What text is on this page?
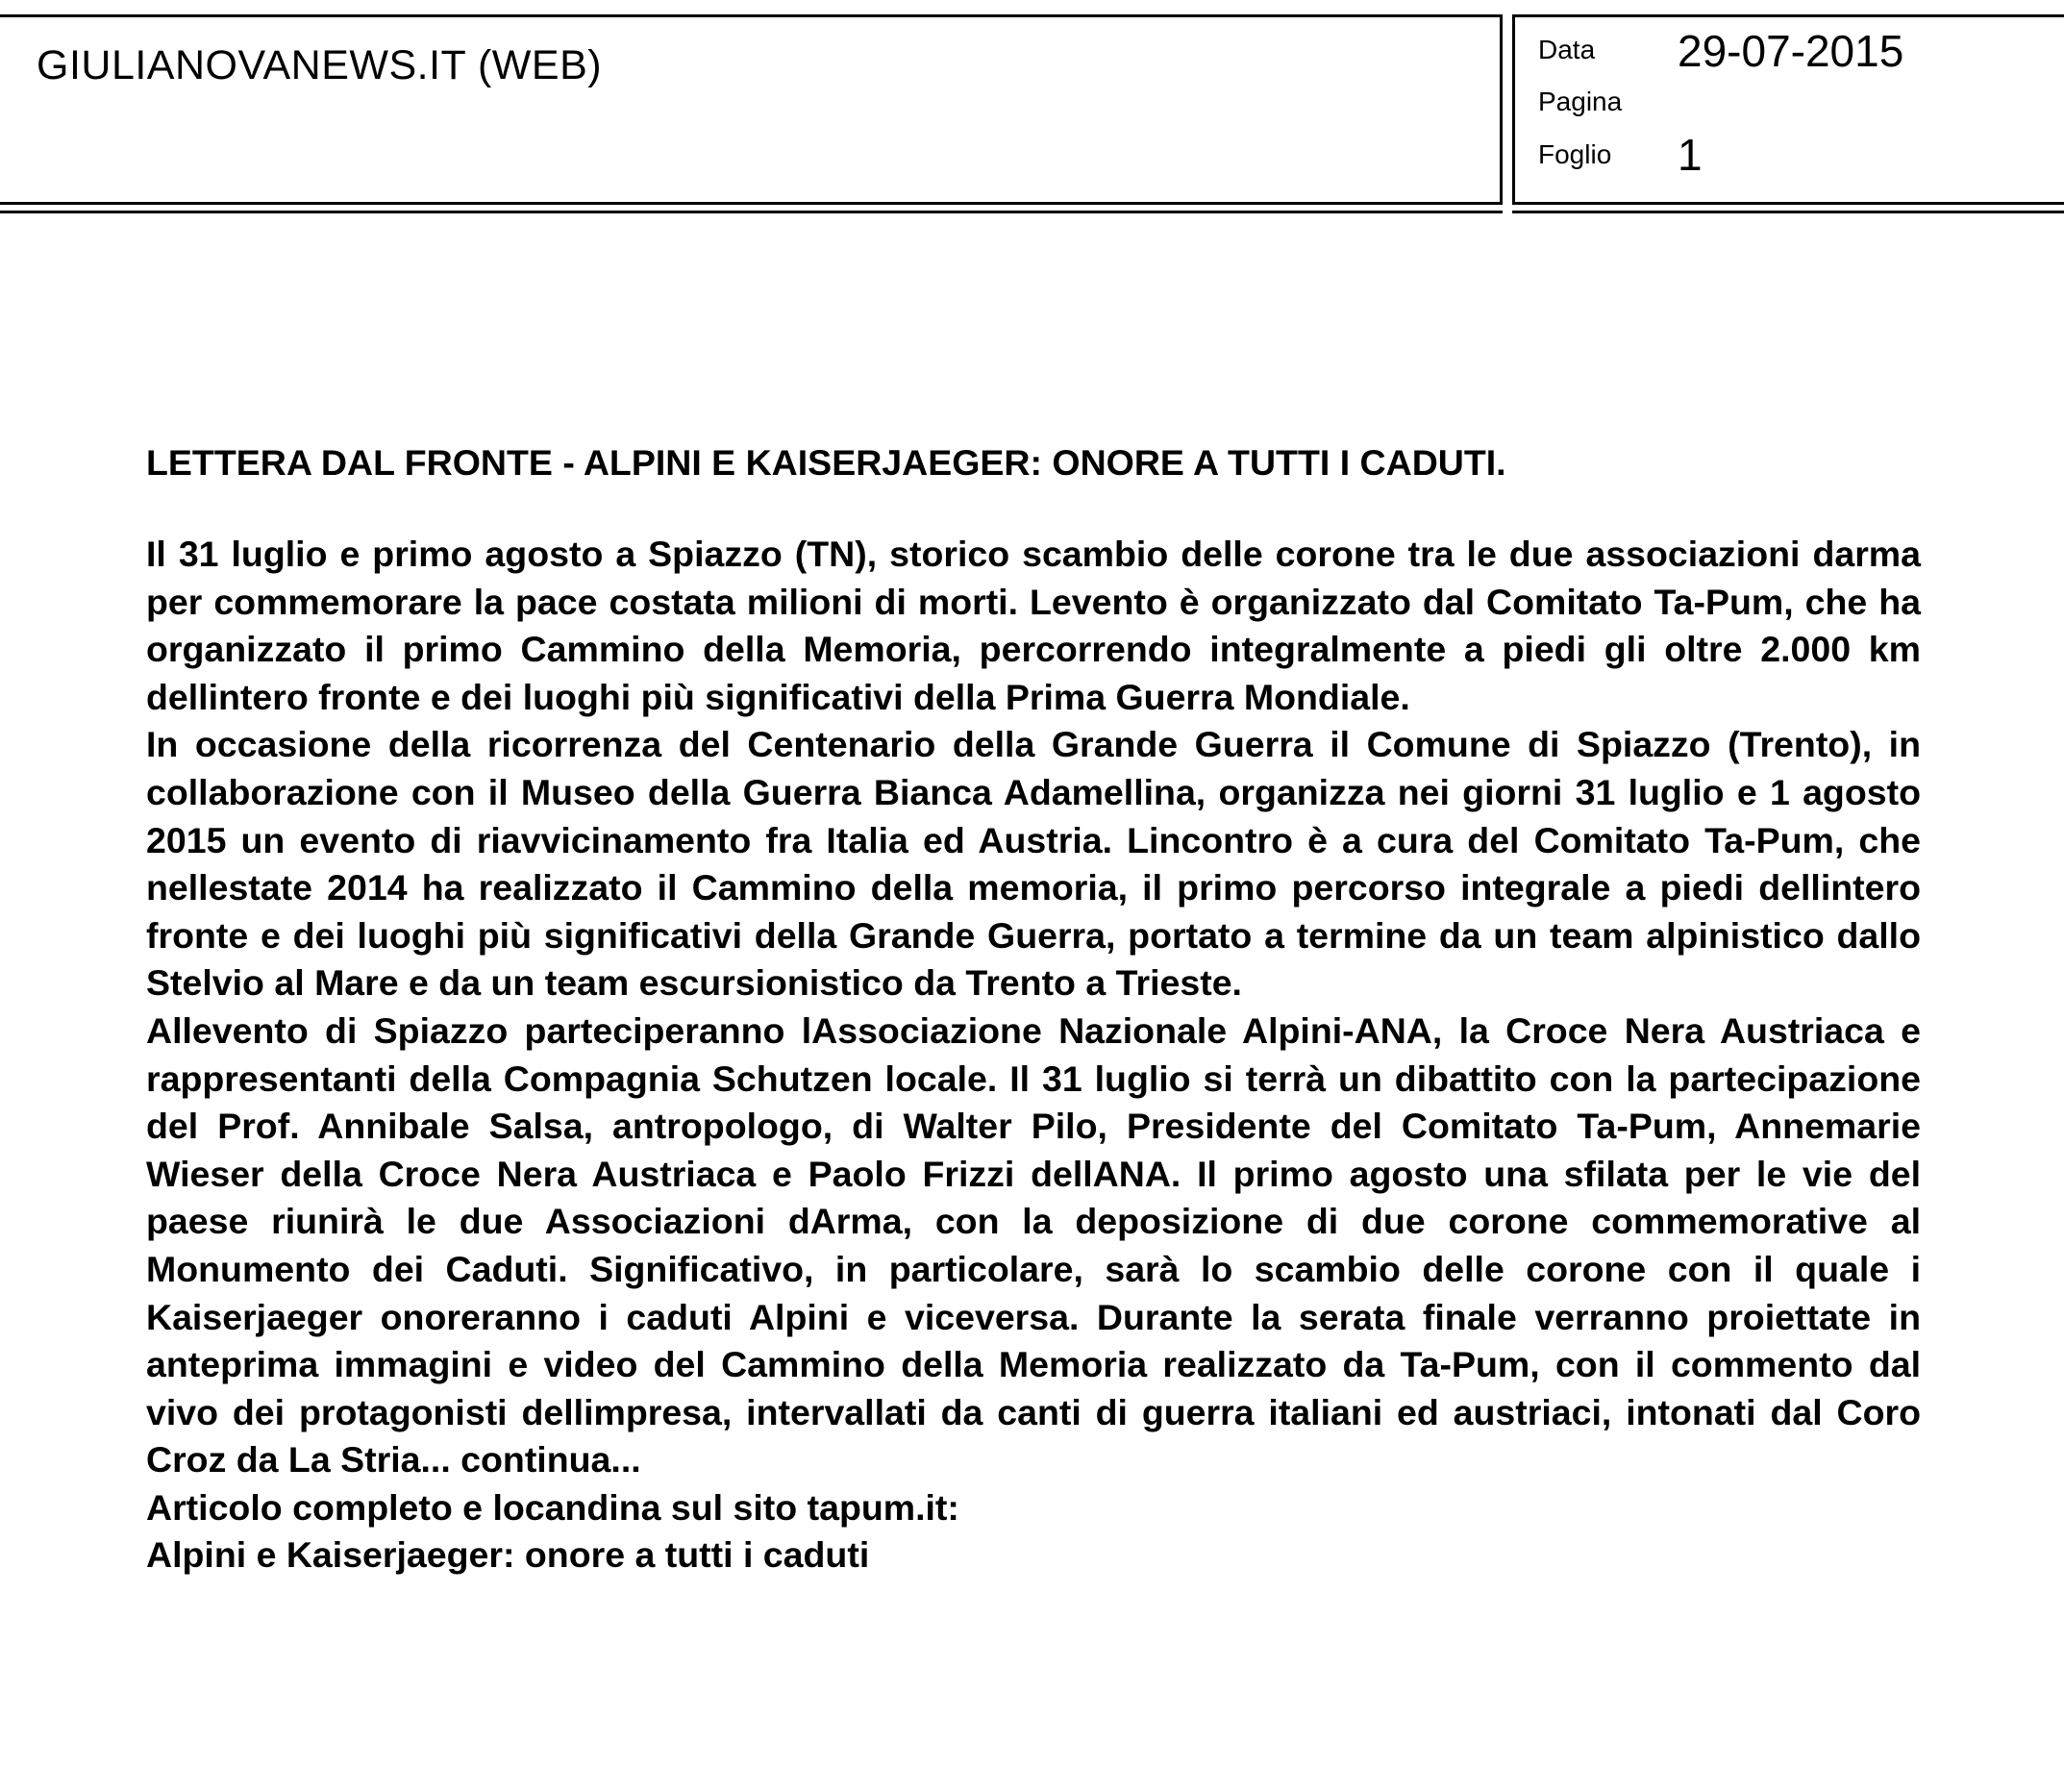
GIULIANOVANEWS.IT (WEB)	Data 29-07-2015
Pagina
Foglio 1
LETTERA DAL FRONTE - ALPINI E KAISERJAEGER: ONORE A TUTTI I CADUTI.

Il 31 luglio e primo agosto a Spiazzo (TN), storico scambio delle corone tra le due associazioni darma per commemorare la pace costata milioni di morti. Levento è organizzato dal Comitato Ta-Pum, che ha organizzato il primo Cammino della Memoria, percorrendo integralmente a piedi gli oltre 2.000 km dellintero fronte e dei luoghi più significativi della Prima Guerra Mondiale.

In occasione della ricorrenza del Centenario della Grande Guerra il Comune di Spiazzo (Trento), in collaborazione con il Museo della Guerra Bianca Adamellina, organizza nei giorni 31 luglio e 1 agosto 2015 un evento di riavvicinamento fra Italia ed Austria. Lincontro è a cura del Comitato Ta-Pum, che nellestate 2014 ha realizzato il Cammino della memoria, il primo percorso integrale a piedi dellintero fronte e dei luoghi più significativi della Grande Guerra, portato a termine da un team alpinistico dallo Stelvio al Mare e da un team escursionistico da Trento a Trieste.

Allevento di Spiazzo parteciperanno lAssociazione Nazionale Alpini-ANA, la Croce Nera Austriaca e rappresentanti della Compagnia Schutzen locale. Il 31 luglio si terrà un dibattito con la partecipazione del Prof. Annibale Salsa, antropologo, di Walter Pilo, Presidente del Comitato Ta-Pum, Annemarie Wieser della Croce Nera Austriaca e Paolo Frizzi dellANA. Il primo agosto una sfilata per le vie del paese riunirà le due Associazioni dArma, con la deposizione di due corone commemorative al Monumento dei Caduti. Significativo, in particolare, sarà lo scambio delle corone con il quale i Kaiserjaeger onoreranno i caduti Alpini e viceversa. Durante la serata finale verranno proiettate in anteprima immagini e video del Cammino della Memoria realizzato da Ta-Pum, con il commento dal vivo dei protagonisti dellimpresa, intervallati da canti di guerra italiani ed austriaci, intonati dal Coro Croz da La Stria... continua...

Articolo completo e locandina sul sito tapum.it:

Alpini e Kaiserjaeger: onore a tutti i caduti
